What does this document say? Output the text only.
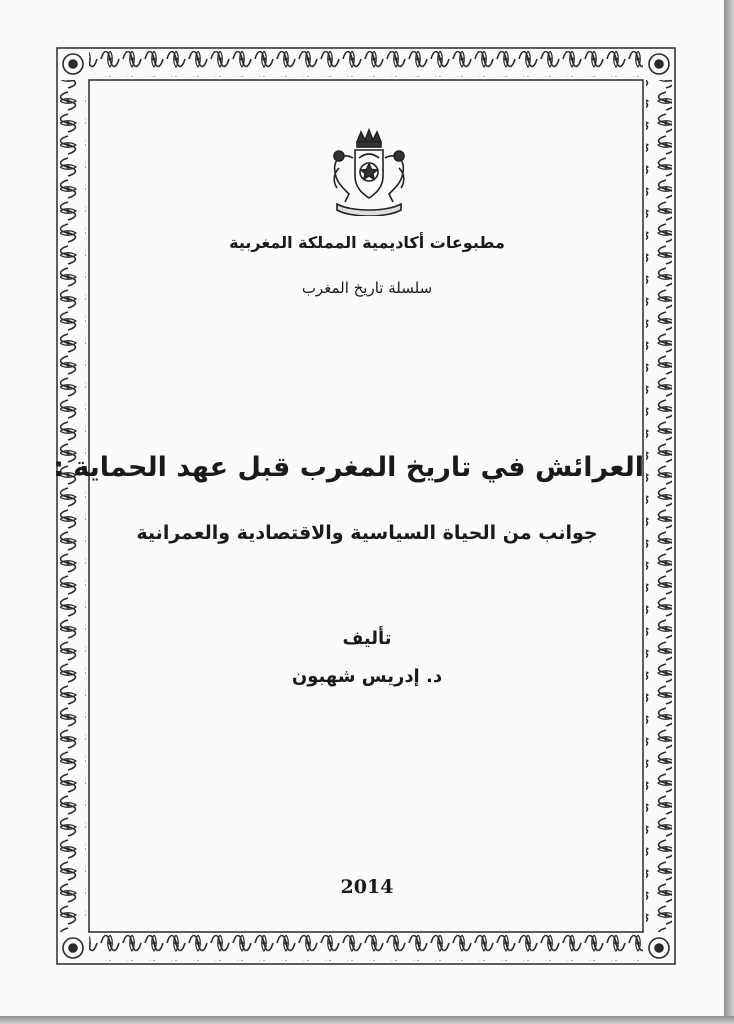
مطبوعات أكاديمية المملكة المغربية
سلسلة تاريخ المغرب
العرائش في تاريخ المغرب قبل عهد الحماية :
جوانب من الحياة السياسية والاقتصادية والعمرانية
تأليف
د. إدريس شهبون
2014
